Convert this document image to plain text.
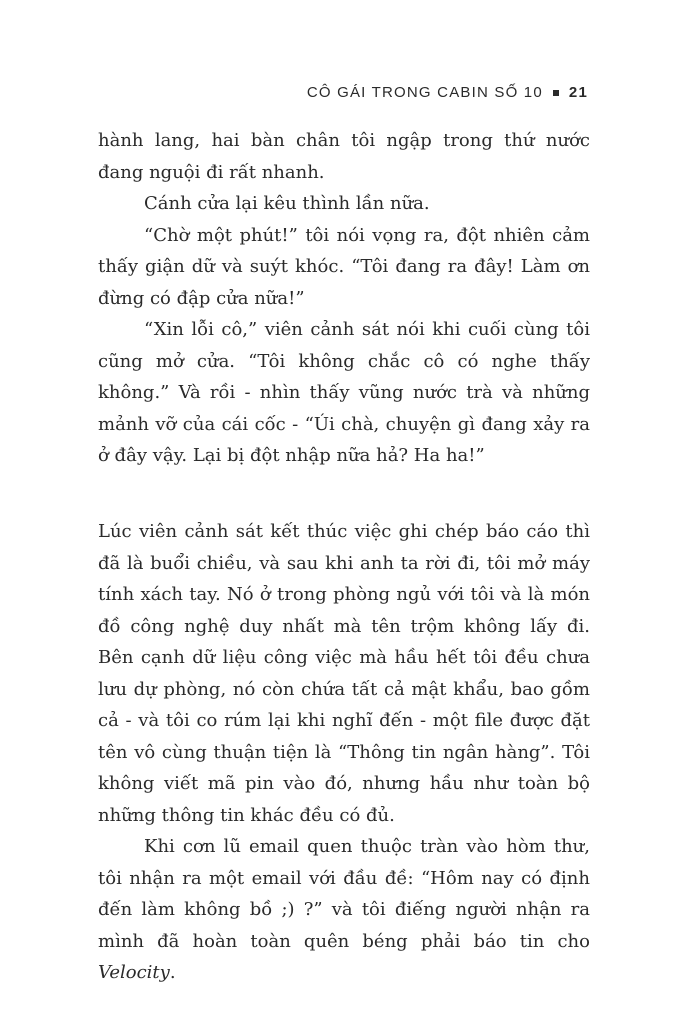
CÔ GÁI TRONG CABIN SỐ 10 21

hành lang, hai bàn chân tôi ngập trong thứ nước đang nguội đi rất nhanh.

Cánh cửa lại kêu thình lần nữa.

“Chờ một phút!” tôi nói vọng ra, đột nhiên cảm thấy giận dữ và suýt khóc. “Tôi đang ra đây! Làm ơn đừng có đập cửa nữa!”

“Xin lỗi cô,” viên cảnh sát nói khi cuối cùng tôi cũng mở cửa. “Tôi không chắc cô có nghe thấy không.” Và rồi - nhìn thấy vũng nước trà và những mảnh vỡ của cái cốc - “Úi chà, chuyện gì đang xảy ra ở đây vậy. Lại bị đột nhập nữa hả? Ha ha!”

Lúc viên cảnh sát kết thúc việc ghi chép báo cáo thì đã là buổi chiều, và sau khi anh ta rời đi, tôi mở máy tính xách tay. Nó ở trong phòng ngủ với tôi và là món đồ công nghệ duy nhất mà tên trộm không lấy đi. Bên cạnh dữ liệu công việc mà hầu hết tôi đều chưa lưu dự phòng, nó còn chứa tất cả mật khẩu, bao gồm cả - và tôi co rúm lại khi nghĩ đến - một file được đặt tên vô cùng thuận tiện là “Thông tin ngân hàng”. Tôi không viết mã pin vào đó, nhưng hầu như toàn bộ những thông tin khác đều có đủ.

Khi cơn lũ email quen thuộc tràn vào hòm thư, tôi nhận ra một email với đầu đề: “Hôm nay có định đến làm không bồ ;) ?” và tôi điếng người nhận ra mình đã hoàn toàn quên béng phải báo tin cho Velocity.
